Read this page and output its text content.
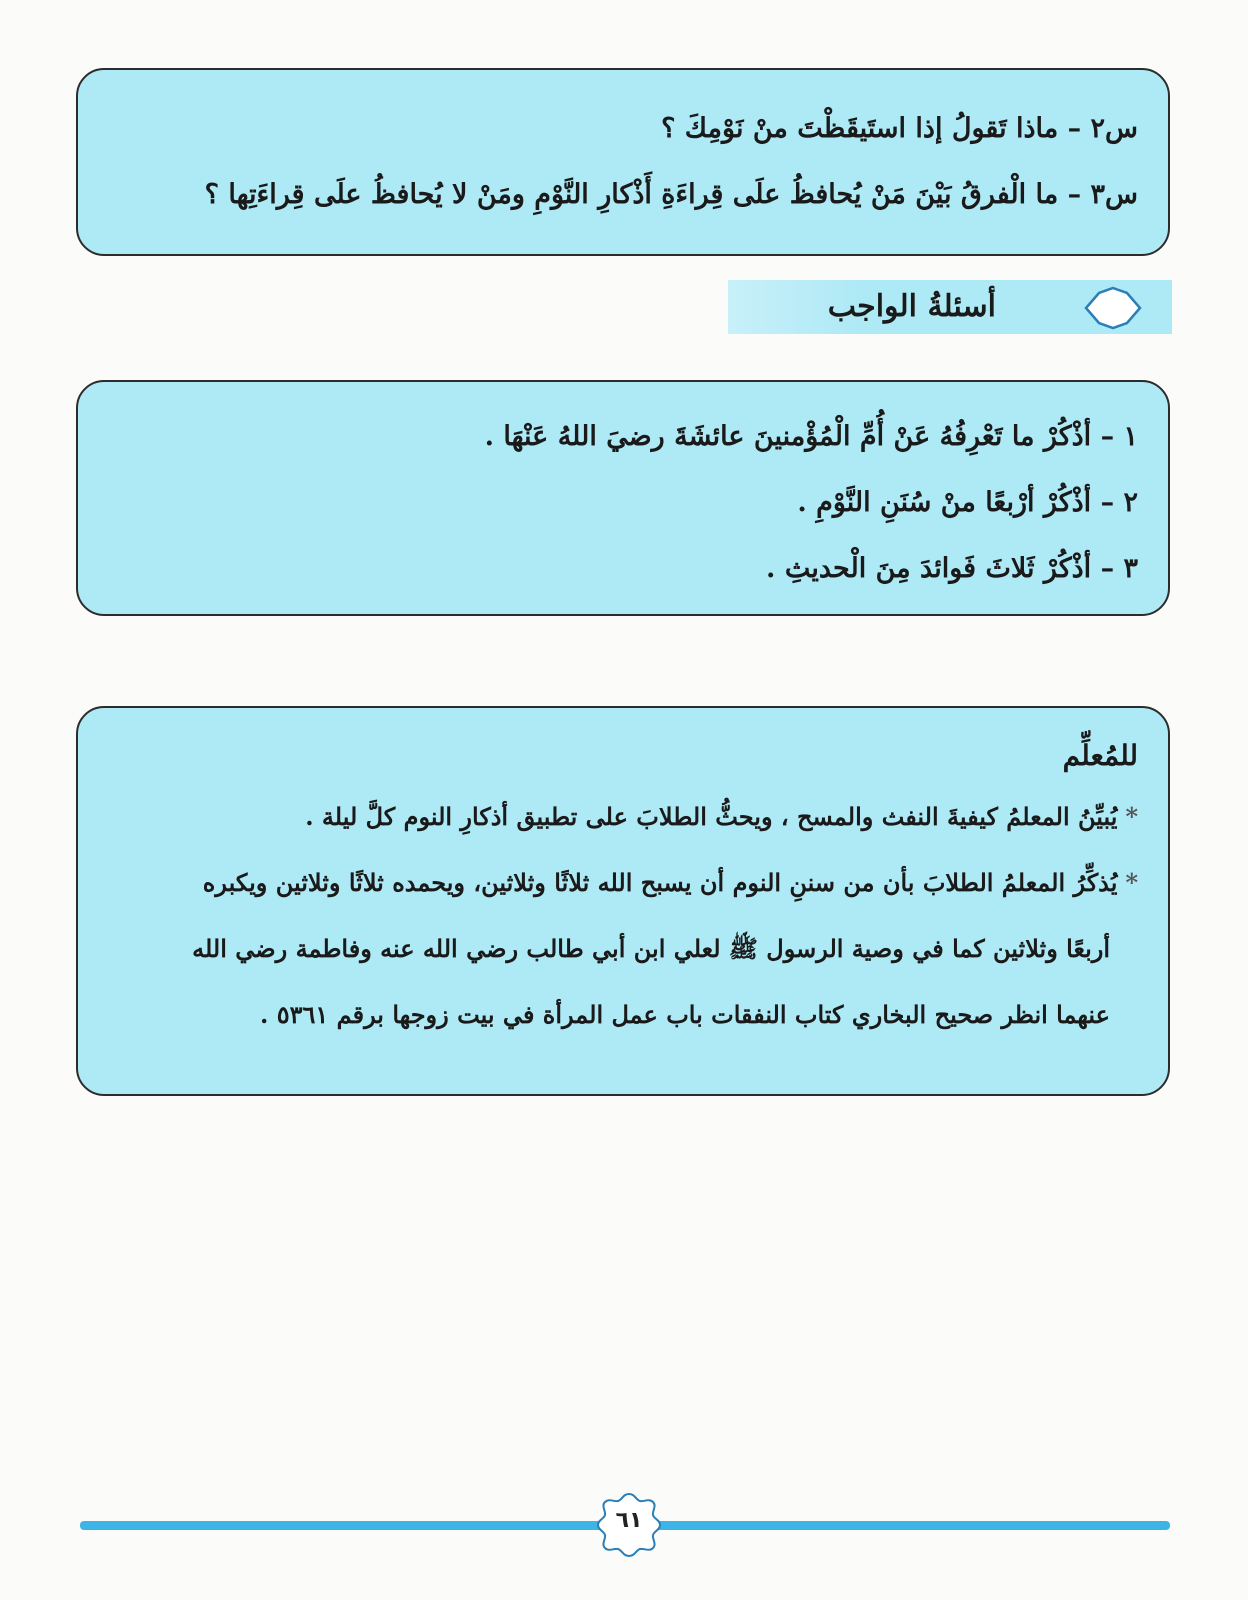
س٢ – ماذا تَقولُ إذا استَيقَظْتَ منْ نَوْمِكَ ؟
س٣ – ما الْفرقُ بَيْنَ مَنْ يُحافظُ علَى قِراءَةِ أَذْكارِ النَّوْمِ ومَنْ لا يُحافظُ علَى قِراءَتِها ؟
أسئلةُ الواجب
١ – أذْكُرْ ما تَعْرِفُهُ عَنْ أُمِّ الْمُؤْمنينَ عائشَةَ رضيَ اللهُ عَنْهَا .
٢ – أذْكُرْ أرْبعًا منْ سُنَنِ النَّوْمِ .
٣ – أذْكُرْ ثَلاثَ فَوائدَ مِنَ الْحديثِ .
للمُعلِّم
*يُبيِّنُ المعلمُ كيفيةَ النفث والمسح ، ويحثُّ الطلابَ على تطبيق أذكارِ النوم كلَّ ليلة .
*يُذكِّرُ المعلمُ الطلابَ بأن من سننِ النوم أن يسبح الله ثلاثًا وثلاثين، ويحمده ثلاثًا وثلاثين ويكبره
أربعًا وثلاثين كما في وصية الرسول ﷺ لعلي ابن أبي طالب رضي الله عنه وفاطمة رضي الله
عنهما انظر صحيح البخاري كتاب النفقات باب عمل المرأة في بيت زوجها برقم ٥٣٦١ .
٦١
